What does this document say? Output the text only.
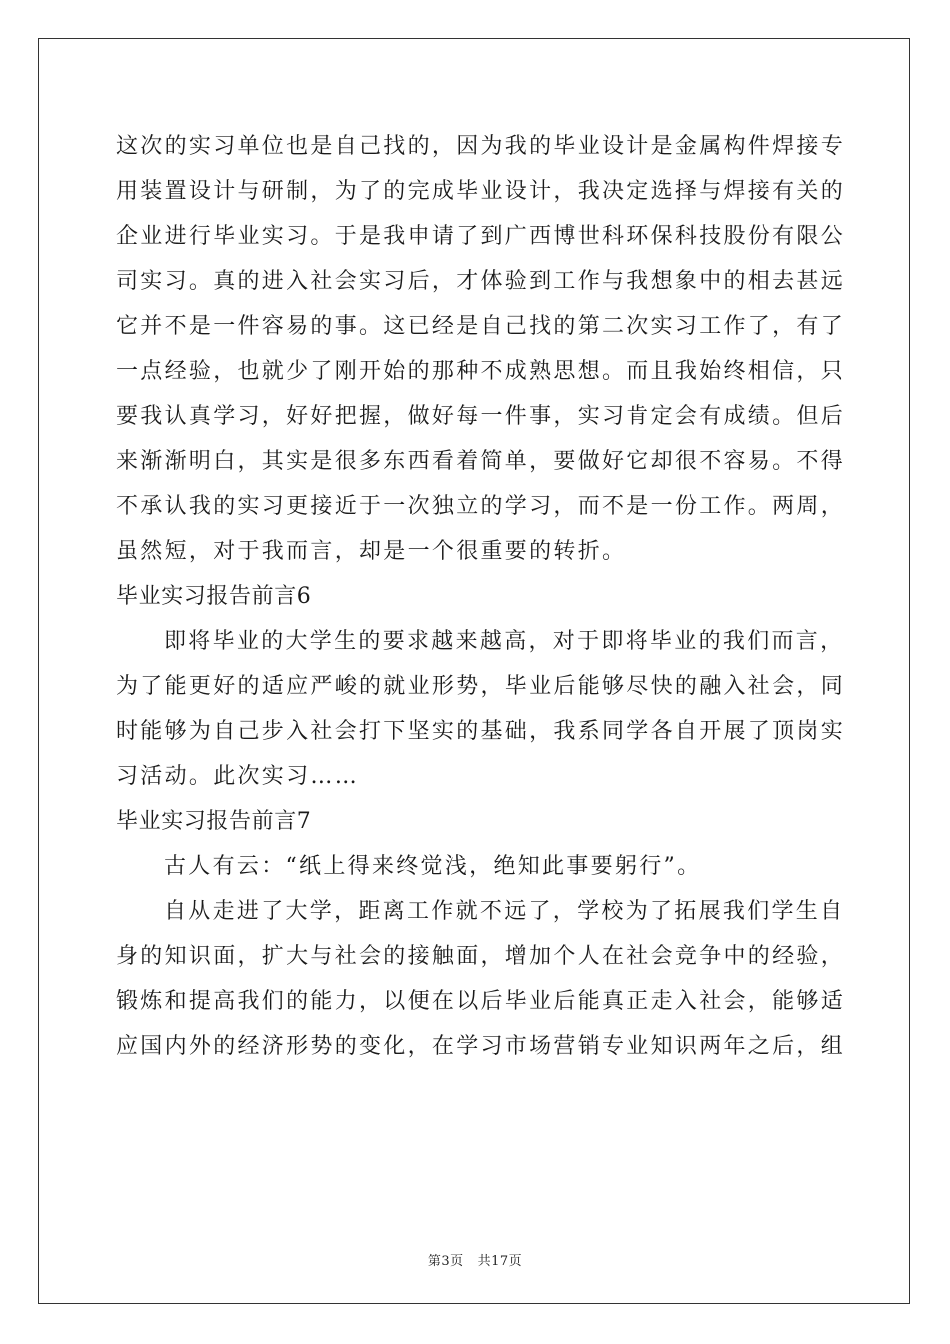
这次的实习单位也是自己找的，因为我的毕业设计是金属构件焊接专
用装置设计与研制，为了的完成毕业设计，我决定选择与焊接有关的
企业进行毕业实习。于是我申请了到广西博世科环保科技股份有限公
司实习。真的进入社会实习后，才体验到工作与我想象中的相去甚远
它并不是一件容易的事。这已经是自己找的第二次实习工作了，有了
一点经验，也就少了刚开始的那种不成熟思想。而且我始终相信，只
要我认真学习，好好把握，做好每一件事，实习肯定会有成绩。但后
来渐渐明白，其实是很多东西看着简单，要做好它却很不容易。不得
不承认我的实习更接近于一次独立的学习，而不是一份工作。两周，
虽然短，对于我而言，却是一个很重要的转折。
毕业实习报告前言6
即将毕业的大学生的要求越来越高，对于即将毕业的我们而言，
为了能更好的适应严峻的就业形势，毕业后能够尽快的融入社会，同
时能够为自己步入社会打下坚实的基础，我系同学各自开展了顶岗实
习活动。此次实习……
毕业实习报告前言7
古人有云：“纸上得来终觉浅，绝知此事要躬行”。
自从走进了大学，距离工作就不远了，学校为了拓展我们学生自
身的知识面，扩大与社会的接触面，增加个人在社会竞争中的经验，
锻炼和提高我们的能力，以便在以后毕业后能真正走入社会，能够适
应国内外的经济形势的变化，在学习市场营销专业知识两年之后，组
第3页 共17页
